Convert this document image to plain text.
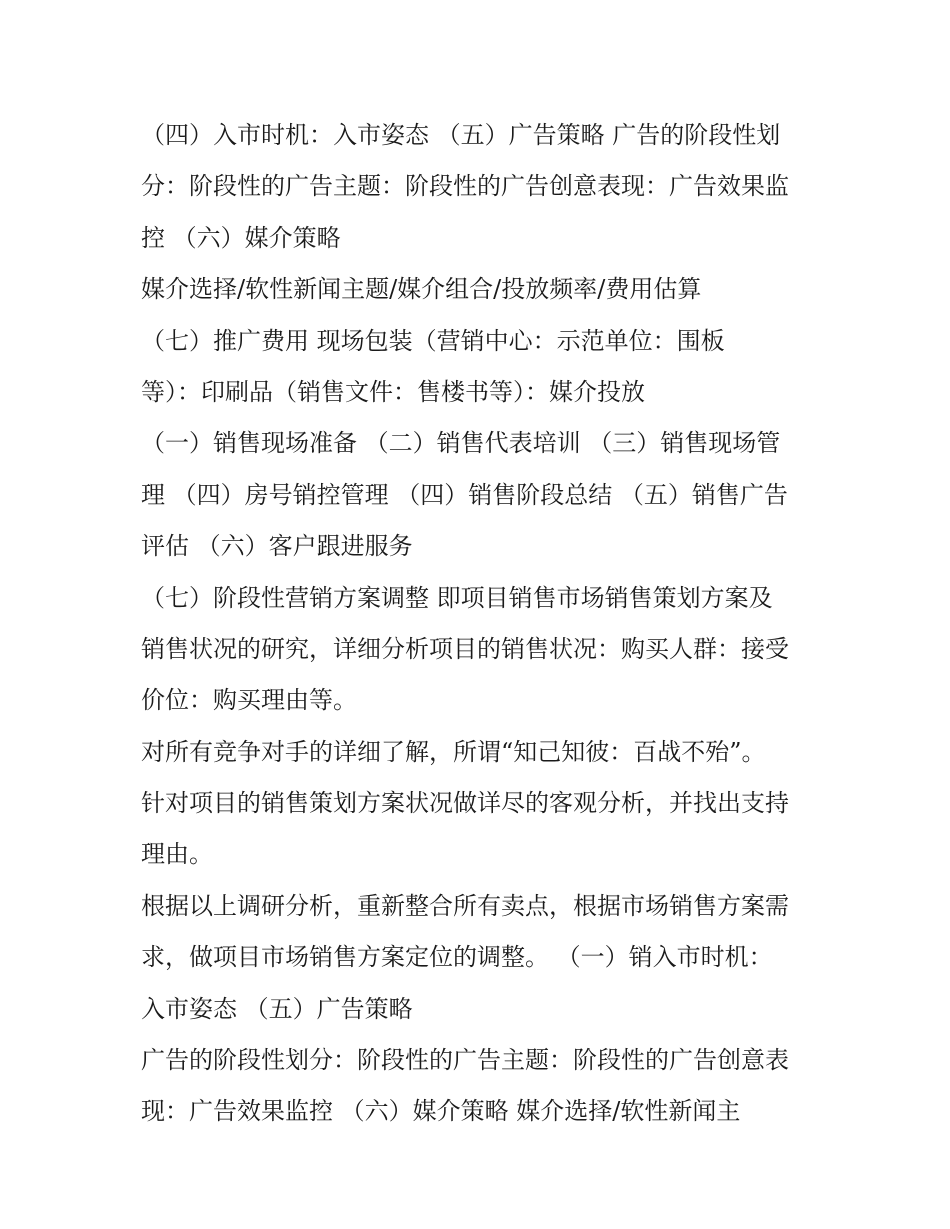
（四）入市时机：入市姿态 （五）广告策略 广告的阶段性划
分：阶段性的广告主题：阶段性的广告创意表现：广告效果监
控 （六）媒介策略
媒介选择/软性新闻主题/媒介组合/投放频率/费用估算
（七）推广费用 现场包装（营销中心：示范单位：围板
等）：印刷品（销售文件：售楼书等）：媒介投放
（一）销售现场准备 （二）销售代表培训 （三）销售现场管
理 （四）房号销控管理 （四）销售阶段总结 （五）销售广告
评估 （六）客户跟进服务
（七）阶段性营销方案调整 即项目销售市场销售策划方案及
销售状况的研究，详细分析项目的销售状况：购买人群：接受
价位：购买理由等。
对所有竞争对手的详细了解，所谓“知己知彼：百战不殆”。
针对项目的销售策划方案状况做详尽的客观分析，并找出支持
理由。
根据以上调研分析，重新整合所有卖点，根据市场销售方案需
求，做项目市场销售方案定位的调整。 （一）销入市时机：
入市姿态 （五）广告策略
广告的阶段性划分：阶段性的广告主题：阶段性的广告创意表
现：广告效果监控 （六）媒介策略 媒介选择/软性新闻主
